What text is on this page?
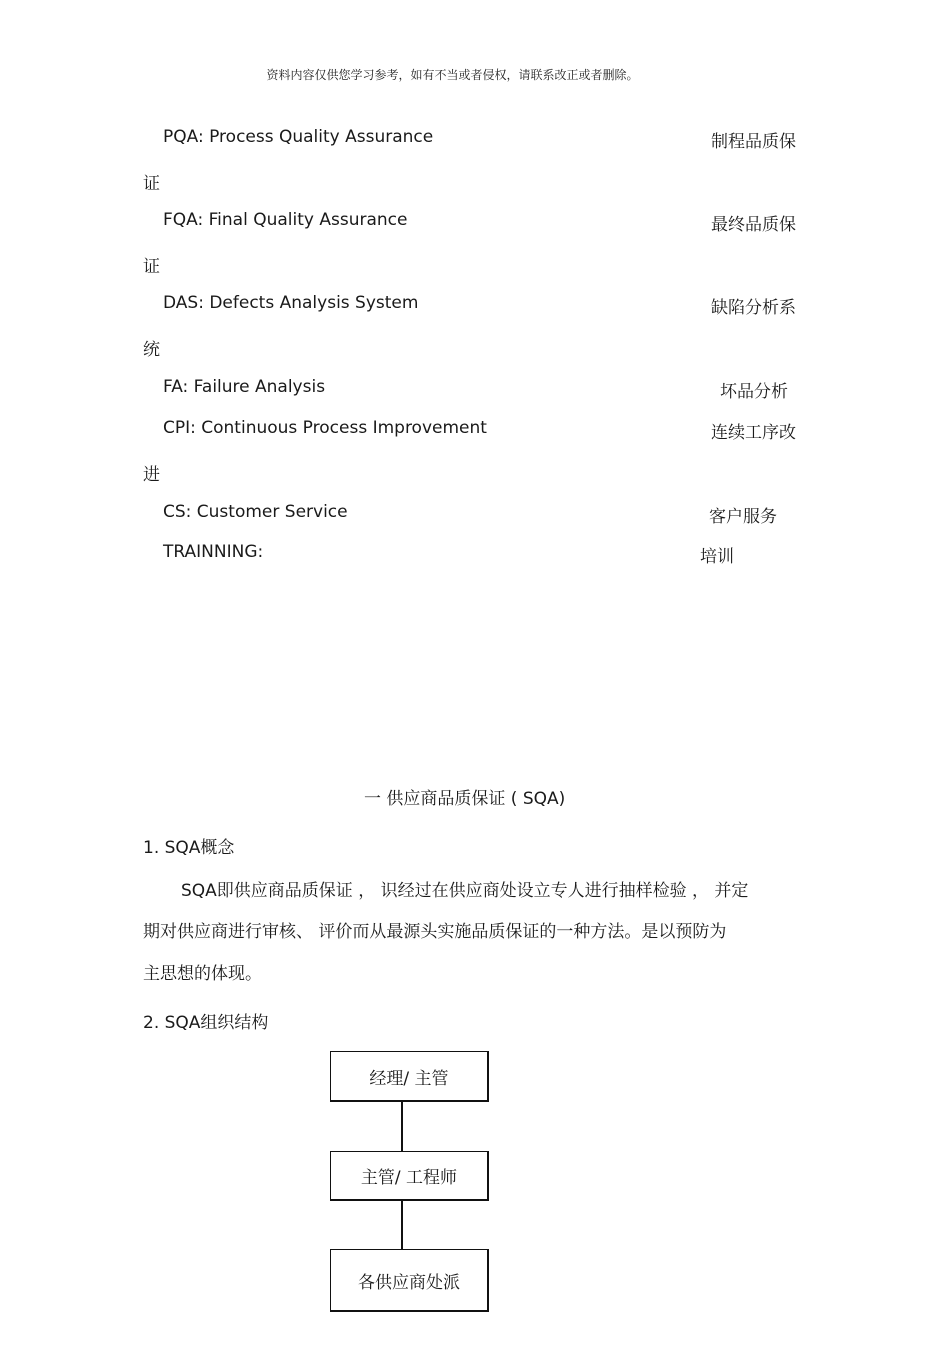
资料内容仅供您学习参考，如有不当或者侵权，请联系改正或者删除。
PQA: Process Quality Assurance	制程品质保
证
FQA: Final Quality Assurance	最终品质保
证
DAS: Defects Analysis System	缺陷分析系
统
FA: Failure Analysis	坏品分析
CPI: Continuous Process Improvement	连续工序改
进
CS: Customer Service	客户服务
TRAINNING:	培训
一 供应商品质保证 ( SQA)
1. SQA概念
SQA即供应商品质保证 ， 识经过在供应商处设立专人进行抽样检验 ， 并定
期对供应商进行审核、 评价而从最源头实施品质保证的一种方法。是以预防为
主思想的体现。
2. SQA组织结构
经理/ 主管
主管/ 工程师
各供应商处派
